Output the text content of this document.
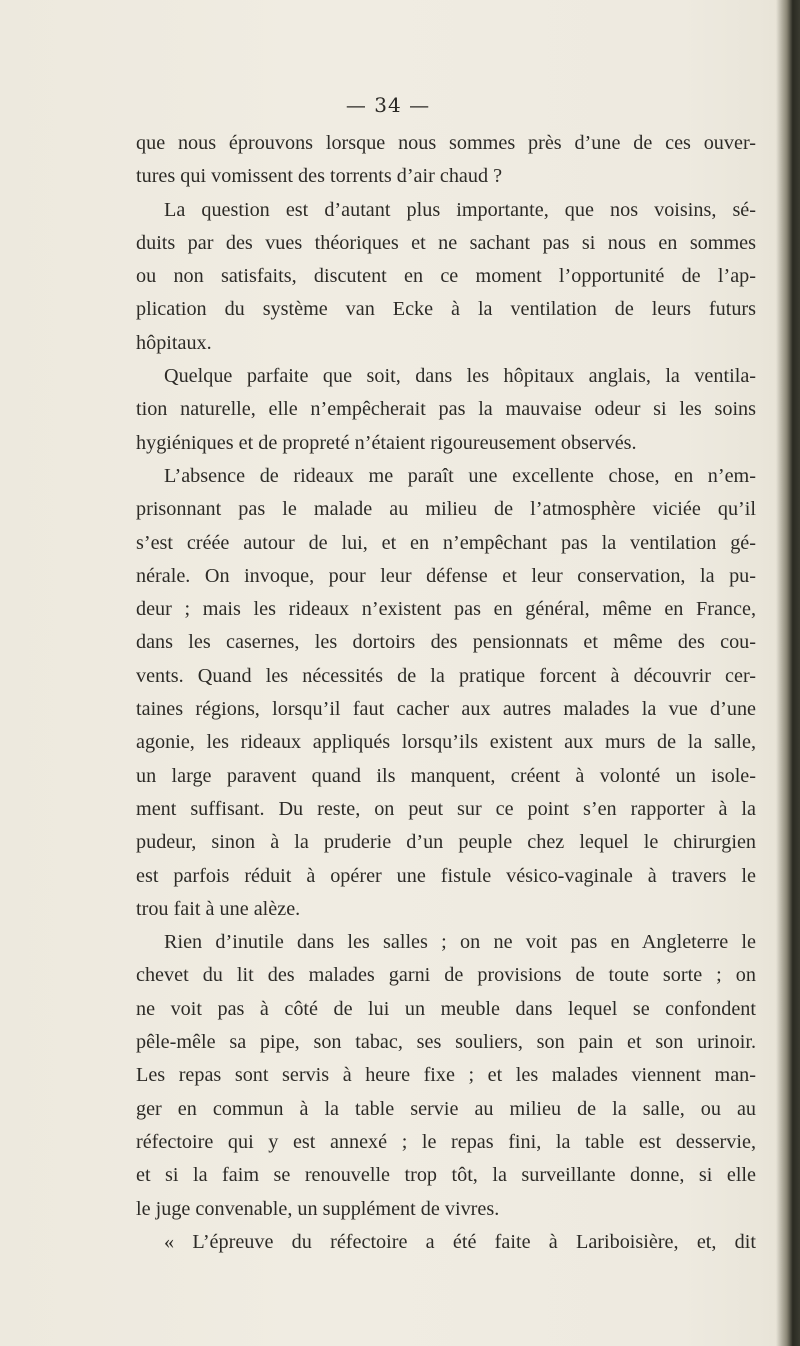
— 34 —
que nous éprouvons lorsque nous sommes près d’une de ces ouver-
tures qui vomissent des torrents d’air chaud ?
La question est d’autant plus importante, que nos voisins, sé-
duits par des vues théoriques et ne sachant pas si nous en sommes
ou non satisfaits, discutent en ce moment l’opportunité de l’ap-
plication du système van Ecke à la ventilation de leurs futurs
hôpitaux.
Quelque parfaite que soit, dans les hôpitaux anglais, la ventila-
tion naturelle, elle n’empêcherait pas la mauvaise odeur si les soins
hygiéniques et de propreté n’étaient rigoureusement observés.
L’absence de rideaux me paraît une excellente chose, en n’em-
prisonnant pas le malade au milieu de l’atmosphère viciée qu’il
s’est créée autour de lui, et en n’empêchant pas la ventilation gé-
nérale. On invoque, pour leur défense et leur conservation, la pu-
deur ; mais les rideaux n’existent pas en général, même en France,
dans les casernes, les dortoirs des pensionnats et même des cou-
vents. Quand les nécessités de la pratique forcent à découvrir cer-
taines régions, lorsqu’il faut cacher aux autres malades la vue d’une
agonie, les rideaux appliqués lorsqu’ils existent aux murs de la salle,
un large paravent quand ils manquent, créent à volonté un isole-
ment suffisant. Du reste, on peut sur ce point s’en rapporter à la
pudeur, sinon à la pruderie d’un peuple chez lequel le chirurgien
est parfois réduit à opérer une fistule vésico-vaginale à travers le
trou fait à une alèze.
Rien d’inutile dans les salles ; on ne voit pas en Angleterre le
chevet du lit des malades garni de provisions de toute sorte ; on
ne voit pas à côté de lui un meuble dans lequel se confondent
pêle-mêle sa pipe, son tabac, ses souliers, son pain et son urinoir.
Les repas sont servis à heure fixe ; et les malades viennent man-
ger en commun à la table servie au milieu de la salle, ou au
réfectoire qui y est annexé ; le repas fini, la table est desservie,
et si la faim se renouvelle trop tôt, la surveillante donne, si elle
le juge convenable, un supplément de vivres.
« L’épreuve du réfectoire a été faite à Lariboisière, et, dit
